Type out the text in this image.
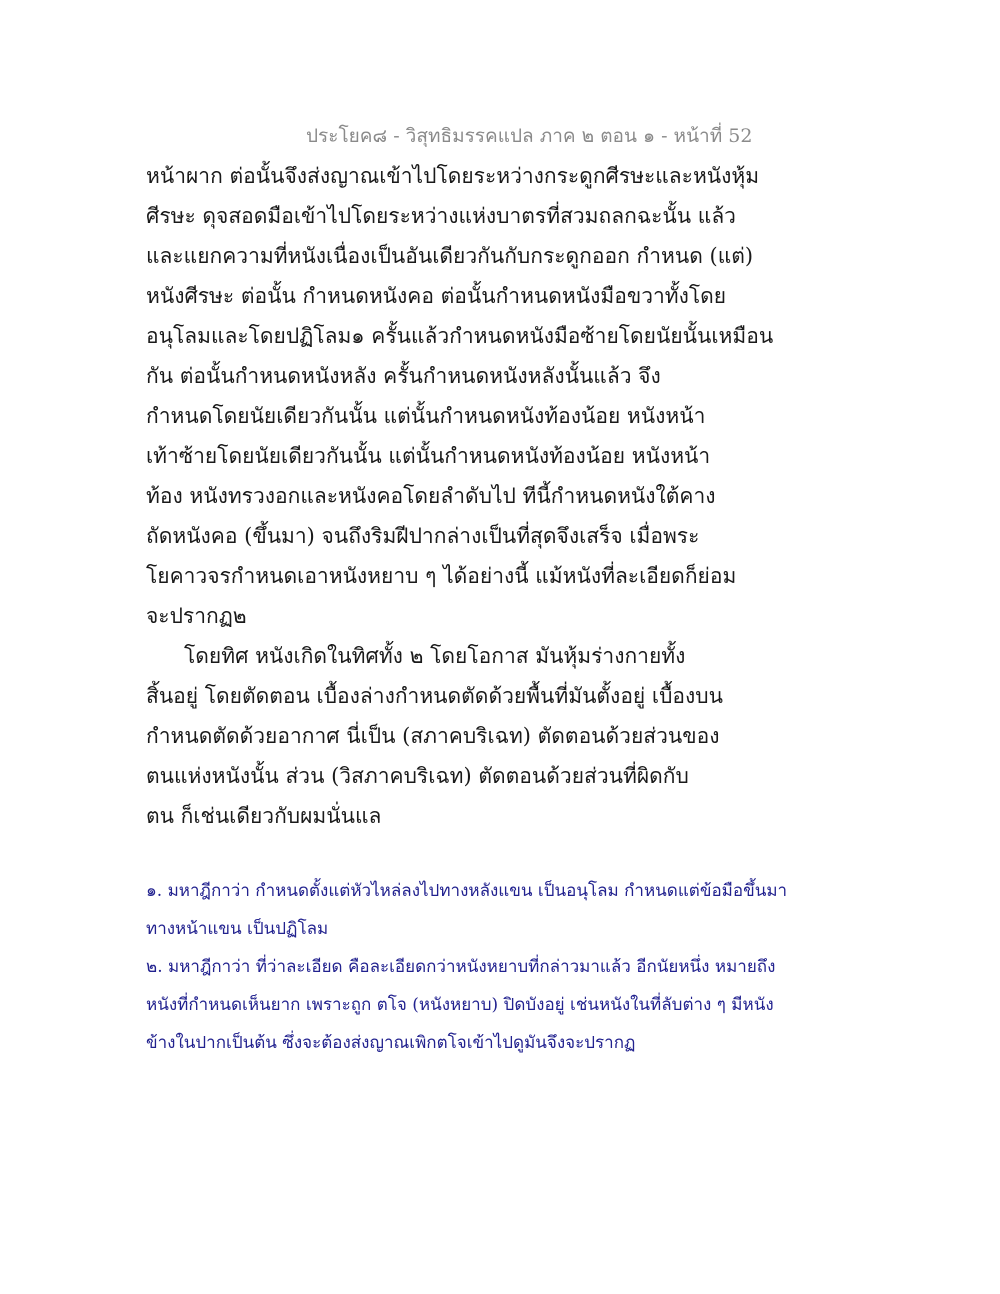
ประโยค๘ - วิสุทธิมรรคแปล ภาค ๒ ตอน ๑ - หน้าที่ 52
หน้าผาก ต่อนั้นจึงส่งญาณเข้าไปโดยระหว่างกระดูกศีรษะและหนังหุ้ม
ศีรษะ ดุจสอดมือเข้าไปโดยระหว่างแห่งบาตรที่สวมถลกฉะนั้น แล้ว
และแยกความที่หนังเนื่องเป็นอันเดียวกันกับกระดูกออก กำหนด (แต่)
หนังศีรษะ ต่อนั้น กำหนดหนังคอ ต่อนั้นกำหนดหนังมือขวาทั้งโดย
อนุโลมและโดยปฏิโลม๑ ครั้นแล้วกำหนดหนังมือซ้ายโดยนัยนั้นเหมือน
กัน ต่อนั้นกำหนดหนังหลัง ครั้นกำหนดหนังหลังนั้นแล้ว จึง
กำหนดโดยนัยเดียวกันนั้น แต่นั้นกำหนดหนังท้องน้อย หนังหน้า
เท้าซ้ายโดยนัยเดียวกันนั้น แต่นั้นกำหนดหนังท้องน้อย หนังหน้า
ท้อง หนังทรวงอกและหนังคอโดยลำดับไป ทีนี้กำหนดหนังใต้คาง
ถัดหนังคอ (ขึ้นมา) จนถึงริมฝีปากล่างเป็นที่สุดจึงเสร็จ เมื่อพระ
โยคาวจรกำหนดเอาหนังหยาบ ๆ ได้อย่างนี้ แม้หนังที่ละเอียดก็ย่อม
จะปรากฏ๒
โดยทิศ หนังเกิดในทิศทั้ง ๒ โดยโอกาส มันหุ้มร่างกายทั้ง
สิ้นอยู่ โดยตัดตอน เบื้องล่างกำหนดตัดด้วยพื้นที่มันตั้งอยู่ เบื้องบน
กำหนดตัดด้วยอากาศ นี่เป็น (สภาคบริเฉท) ตัดตอนด้วยส่วนของ
ตนแห่งหนังนั้น ส่วน (วิสภาคบริเฉท) ตัดตอนด้วยส่วนที่ผิดกับ
ตน ก็เช่นเดียวกับผมนั่นแล
๑. มหาฎีกาว่า กำหนดตั้งแต่หัวไหล่ลงไปทางหลังแขน เป็นอนุโลม กำหนดแต่ข้อมือขึ้นมา
ทางหน้าแขน เป็นปฏิโลม
๒. มหาฎีกาว่า ที่ว่าละเอียด คือละเอียดกว่าหนังหยาบที่กล่าวมาแล้ว อีกนัยหนึ่ง หมายถึง
หนังที่กำหนดเห็นยาก เพราะถูก ตโจ (หนังหยาบ) ปิดบังอยู่ เช่นหนังในที่ลับต่าง ๆ มีหนัง
ข้างในปากเป็นต้น ซึ่งจะต้องส่งญาณเพิกตโจเข้าไปดูมันจึงจะปรากฏ
